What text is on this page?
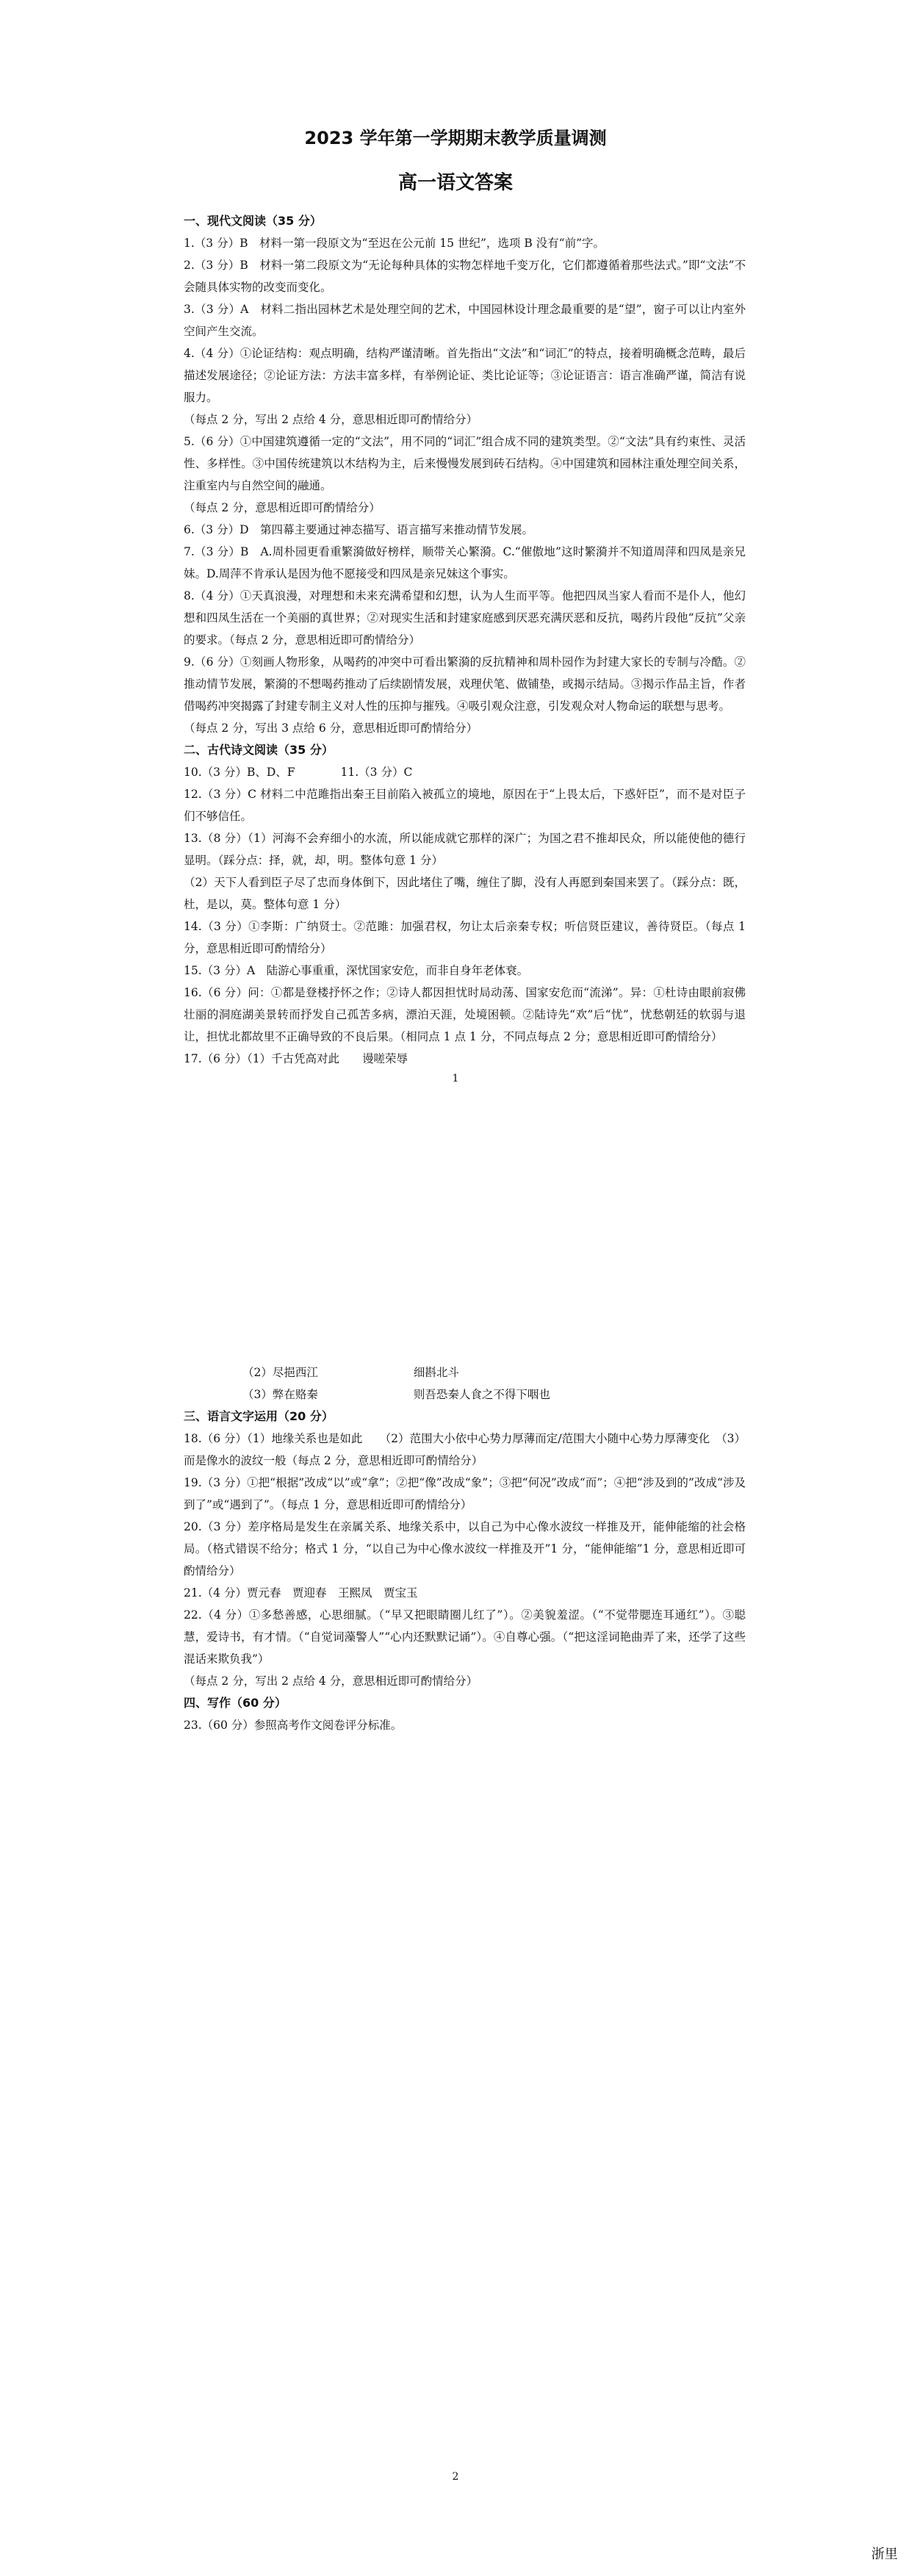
2023 学年第一学期期末教学质量调测
高一语文答案

一、现代文阅读（35 分）

1.（3 分）B　材料一第一段原文为“至迟在公元前 15 世纪”，选项 B 没有“前”字。

2.（3 分）B　材料一第二段原文为“无论每种具体的实物怎样地千变万化，它们都遵循着那些法式。”即“文法”不会随具体实物的改变而变化。

3.（3 分）A　材料二指出园林艺术是处理空间的艺术，中国园林设计理念最重要的是“望”，窗子可以让内室外空间产生交流。

4.（4 分）①论证结构：观点明确，结构严谨清晰。首先指出“文法”和“词汇”的特点，接着明确概念范畴，最后描述发展途径；②论证方法：方法丰富多样，有举例论证、类比论证等；③论证语言：语言准确严谨，简洁有说服力。

（每点 2 分，写出 2 点给 4 分，意思相近即可酌情给分）

5.（6 分）①中国建筑遵循一定的“文法”，用不同的“词汇”组合成不同的建筑类型。②“文法”具有约束性、灵活性、多样性。③中国传统建筑以木结构为主，后来慢慢发展到砖石结构。④中国建筑和园林注重处理空间关系，注重室内与自然空间的融通。

（每点 2 分，意思相近即可酌情给分）

6.（3 分）D　第四幕主要通过神态描写、语言描写来推动情节发展。

7.（3 分）B　A.周朴园更看重繁漪做好榜样，顺带关心繁漪。C.“催傲地”这时繁漪并不知道周萍和四凤是亲兄妹。D.周萍不肯承认是因为他不愿接受和四凤是亲兄妹这个事实。

8.（4 分）①天真浪漫，对理想和未来充满希望和幻想，认为人生而平等。他把四凤当家人看而不是仆人，他幻想和四凤生活在一个美丽的真世界；②对现实生活和封建家庭感到厌恶充满厌恶和反抗，喝药片段他“反抗”父亲的要求。（每点 2 分，意思相近即可酌情给分）

9.（6 分）①刻画人物形象，从喝药的冲突中可看出繁漪的反抗精神和周朴园作为封建大家长的专制与冷酷。②推动情节发展，繁漪的不想喝药推动了后续剧情发展，戏理伏笔、做铺垫，或揭示结局。③揭示作品主旨，作者借喝药冲突揭露了封建专制主义对人性的压抑与摧残。④吸引观众注意，引发观众对人物命运的联想与思考。

（每点 2 分，写出 3 点给 6 分，意思相近即可酌情给分）

二、古代诗文阅读（35 分）

10.（3 分）B、D、F　　　　11.（3 分）C

12.（3 分）C 材料二中范雎指出秦王目前陷入被孤立的境地，原因在于“上畏太后，下惑奸臣”，而不是对臣子们不够信任。

13.（8 分）（1）河海不会弃细小的水流，所以能成就它那样的深广；为国之君不推却民众，所以能使他的德行显明。（踩分点：择，就，却，明。整体句意 1 分）

（2）天下人看到臣子尽了忠而身体倒下，因此堵住了嘴，缠住了脚，没有人再愿到秦国来罢了。（踩分点：既，杜，是以，莫。整体句意 1 分）

14.（3 分）①李斯：广纳贤士。②范雎：加强君权，勿让太后亲秦专权；听信贤臣建议，善待贤臣。（每点 1 分，意思相近即可酌情给分）

15.（3 分）A　陆游心事重重，深忧国家安危，而非自身年老体衰。

16.（6 分）问：①都是登楼抒怀之作；②诗人都因担忧时局动荡、国家安危而“流涕”。异：①杜诗由眼前寂佛壮丽的洞庭湖美景转而抒发自己孤苦多病，漂泊天涯，处境困顿。②陆诗先“欢”后“忧”，忧愁朝廷的软弱与退让，担忧北都故里不正确导致的不良后果。（相同点 1 点 1 分，不同点每点 2 分；意思相近即可酌情给分）

17.（6 分）（1）千古凭高对此　　谩嗟荣辱

1

（2）尽挹西江	细斟北斗

（3）弊在赂秦	则吾恐秦人食之不得下咽也

三、语言文字运用（20 分）

18.（6 分）（1）地缘关系也是如此　　（2）范围大小依中心势力厚薄而定/范围大小随中心势力厚薄变化　（3）而是像水的波纹一般（每点 2 分，意思相近即可酌情给分）

19.（3 分）①把“根据”改成“以”或“拿”；②把“像”改成“象”；③把“何况”改成“而”；④把“涉及到的”改成“涉及到了”或“遇到了”。（每点 1 分，意思相近即可酌情给分）

20.（3 分）差序格局是发生在亲属关系、地缘关系中，以自己为中心像水波纹一样推及开，能伸能缩的社会格局。（格式错误不给分；格式 1 分，“以自己为中心像水波纹一样推及开”1 分，“能伸能缩”1 分，意思相近即可酌情给分）

21.（4 分）贾元春　贾迎春　王熙凤　贾宝玉

22.（4 分）①多愁善感，心思细腻。（“早又把眼睛圈儿红了”）。②美貌羞涩。（“不觉带腮连耳通红”）。③聪慧，爱诗书，有才情。（“自觉词藻警人”“心内还默默记诵”）。④自尊心强。（“把这淫词艳曲弄了来，还学了这些混话来欺负我”）

（每点 2 分，写出 2 点给 4 分，意思相近即可酌情给分）

四、写作（60 分）

23.（60 分）参照高考作文阅卷评分标准。

2
浙里
